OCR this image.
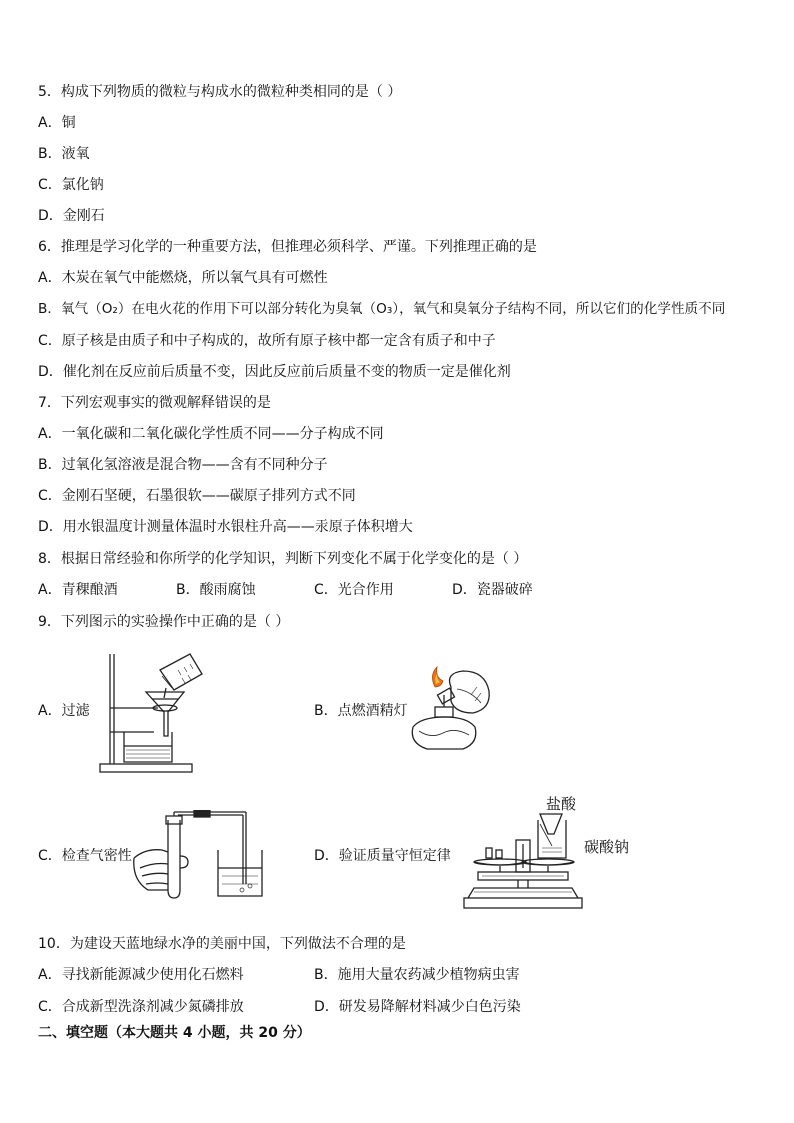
5．构成下列物质的微粒与构成水的微粒种类相同的是（ ）
A．铜
B．液氧
C．氯化钠
D．金刚石
6．推理是学习化学的一种重要方法，但推理必须科学、严谨。下列推理正确的是
A．木炭在氧气中能燃烧，所以氧气具有可燃性
B．氧气（O₂）在电火花的作用下可以部分转化为臭氧（O₃），氧气和臭氧分子结构不同，所以它们的化学性质不同
C．原子核是由质子和中子构成的，故所有原子核中都一定含有质子和中子
D．催化剂在反应前后质量不变，因此反应前后质量不变的物质一定是催化剂
7．下列宏观事实的微观解释错误的是
A．一氧化碳和二氧化碳化学性质不同——分子构成不同
B．过氧化氢溶液是混合物——含有不同种分子
C．金刚石坚硬，石墨很软——碳原子排列方式不同
D．用水银温度计测量体温时水银柱升高——汞原子体积增大
8．根据日常经验和你所学的化学知识，判断下列变化不属于化学变化的是（ ）
A．青稞酿酒	B．酸雨腐蚀	C．光合作用	D．瓷器破碎
9．下列图示的实验操作中正确的是（ ）
A．过滤	B．点燃酒精灯
C．检查气密性	D．验证质量守恒定律
盐酸
碳酸钠
10．为建设天蓝地绿水净的美丽中国，下列做法不合理的是
A．寻找新能源减少使用化石燃料	B．施用大量农药减少植物病虫害
C．合成新型洗涤剂减少氮磷排放	D．研发易降解材料减少白色污染
二、填空题（本大题共 4 小题，共 20 分）
